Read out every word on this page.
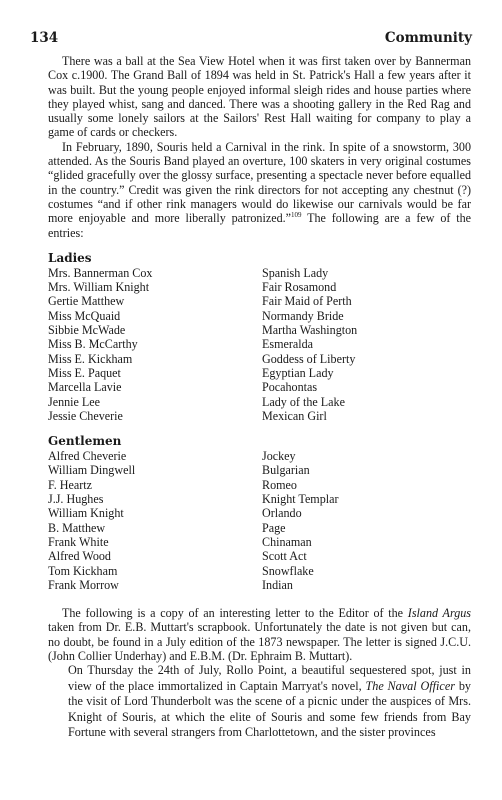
134	Community

There was a ball at the Sea View Hotel when it was first taken over by Bannerman Cox c.1900. The Grand Ball of 1894 was held in St. Patrick's Hall a few years after it was built. But the young people enjoyed informal sleigh rides and house parties where they played whist, sang and danced. There was a shooting gallery in the Red Rag and usually some lonely sailors at the Sailors' Rest Hall waiting for company to play a game of cards or checkers.

In February, 1890, Souris held a Carnival in the rink. In spite of a snowstorm, 300 attended. As the Souris Band played an overture, 100 skaters in very original costumes “glided gracefully over the glossy surface, presenting a spectacle never before equalled in the country.” Credit was given the rink directors for not accepting any chestnut (?) costumes “and if other rink managers would do likewise our carnivals would be far more enjoyable and more liberally patronized.”$^{109}$ The following are a few of the entries:

Ladies
Mrs. Bannerman Cox	Spanish Lady
Mrs. William Knight	Fair Rosamond
Gertie Matthew	Fair Maid of Perth
Miss McQuaid	Normandy Bride
Sibbie McWade	Martha Washington
Miss B. McCarthy	Esmeralda
Miss E. Kickham	Goddess of Liberty
Miss E. Paquet	Egyptian Lady
Marcella Lavie	Pocahontas
Jennie Lee	Lady of the Lake
Jessie Cheverie	Mexican Girl
Gentlemen
Alfred Cheverie	Jockey
William Dingwell	Bulgarian
F. Heartz	Romeo
J.J. Hughes	Knight Templar
William Knight	Orlando
B. Matthew	Page
Frank White	Chinaman
Alfred Wood	Scott Act
Tom Kickham	Snowflake
Frank Morrow	Indian

The following is a copy of an interesting letter to the Editor of the Island Argus taken from Dr. E.B. Muttart's scrapbook. Unfortunately the date is not given but can, no doubt, be found in a July edition of the 1873 newspaper. The letter is signed J.C.U. (John Collier Underhay) and E.B.M. (Dr. Ephraim B. Muttart).

On Thursday the 24th of July, Rollo Point, a beautiful sequestered spot, just in view of the place immortalized in Captain Marryat's novel, The Naval Officer by the visit of Lord Thunderbolt was the scene of a picnic under the auspices of Mrs. Knight of Souris, at which the elite of Souris and some few friends from Bay Fortune with several strangers from Charlottetown, and the sister provinces
